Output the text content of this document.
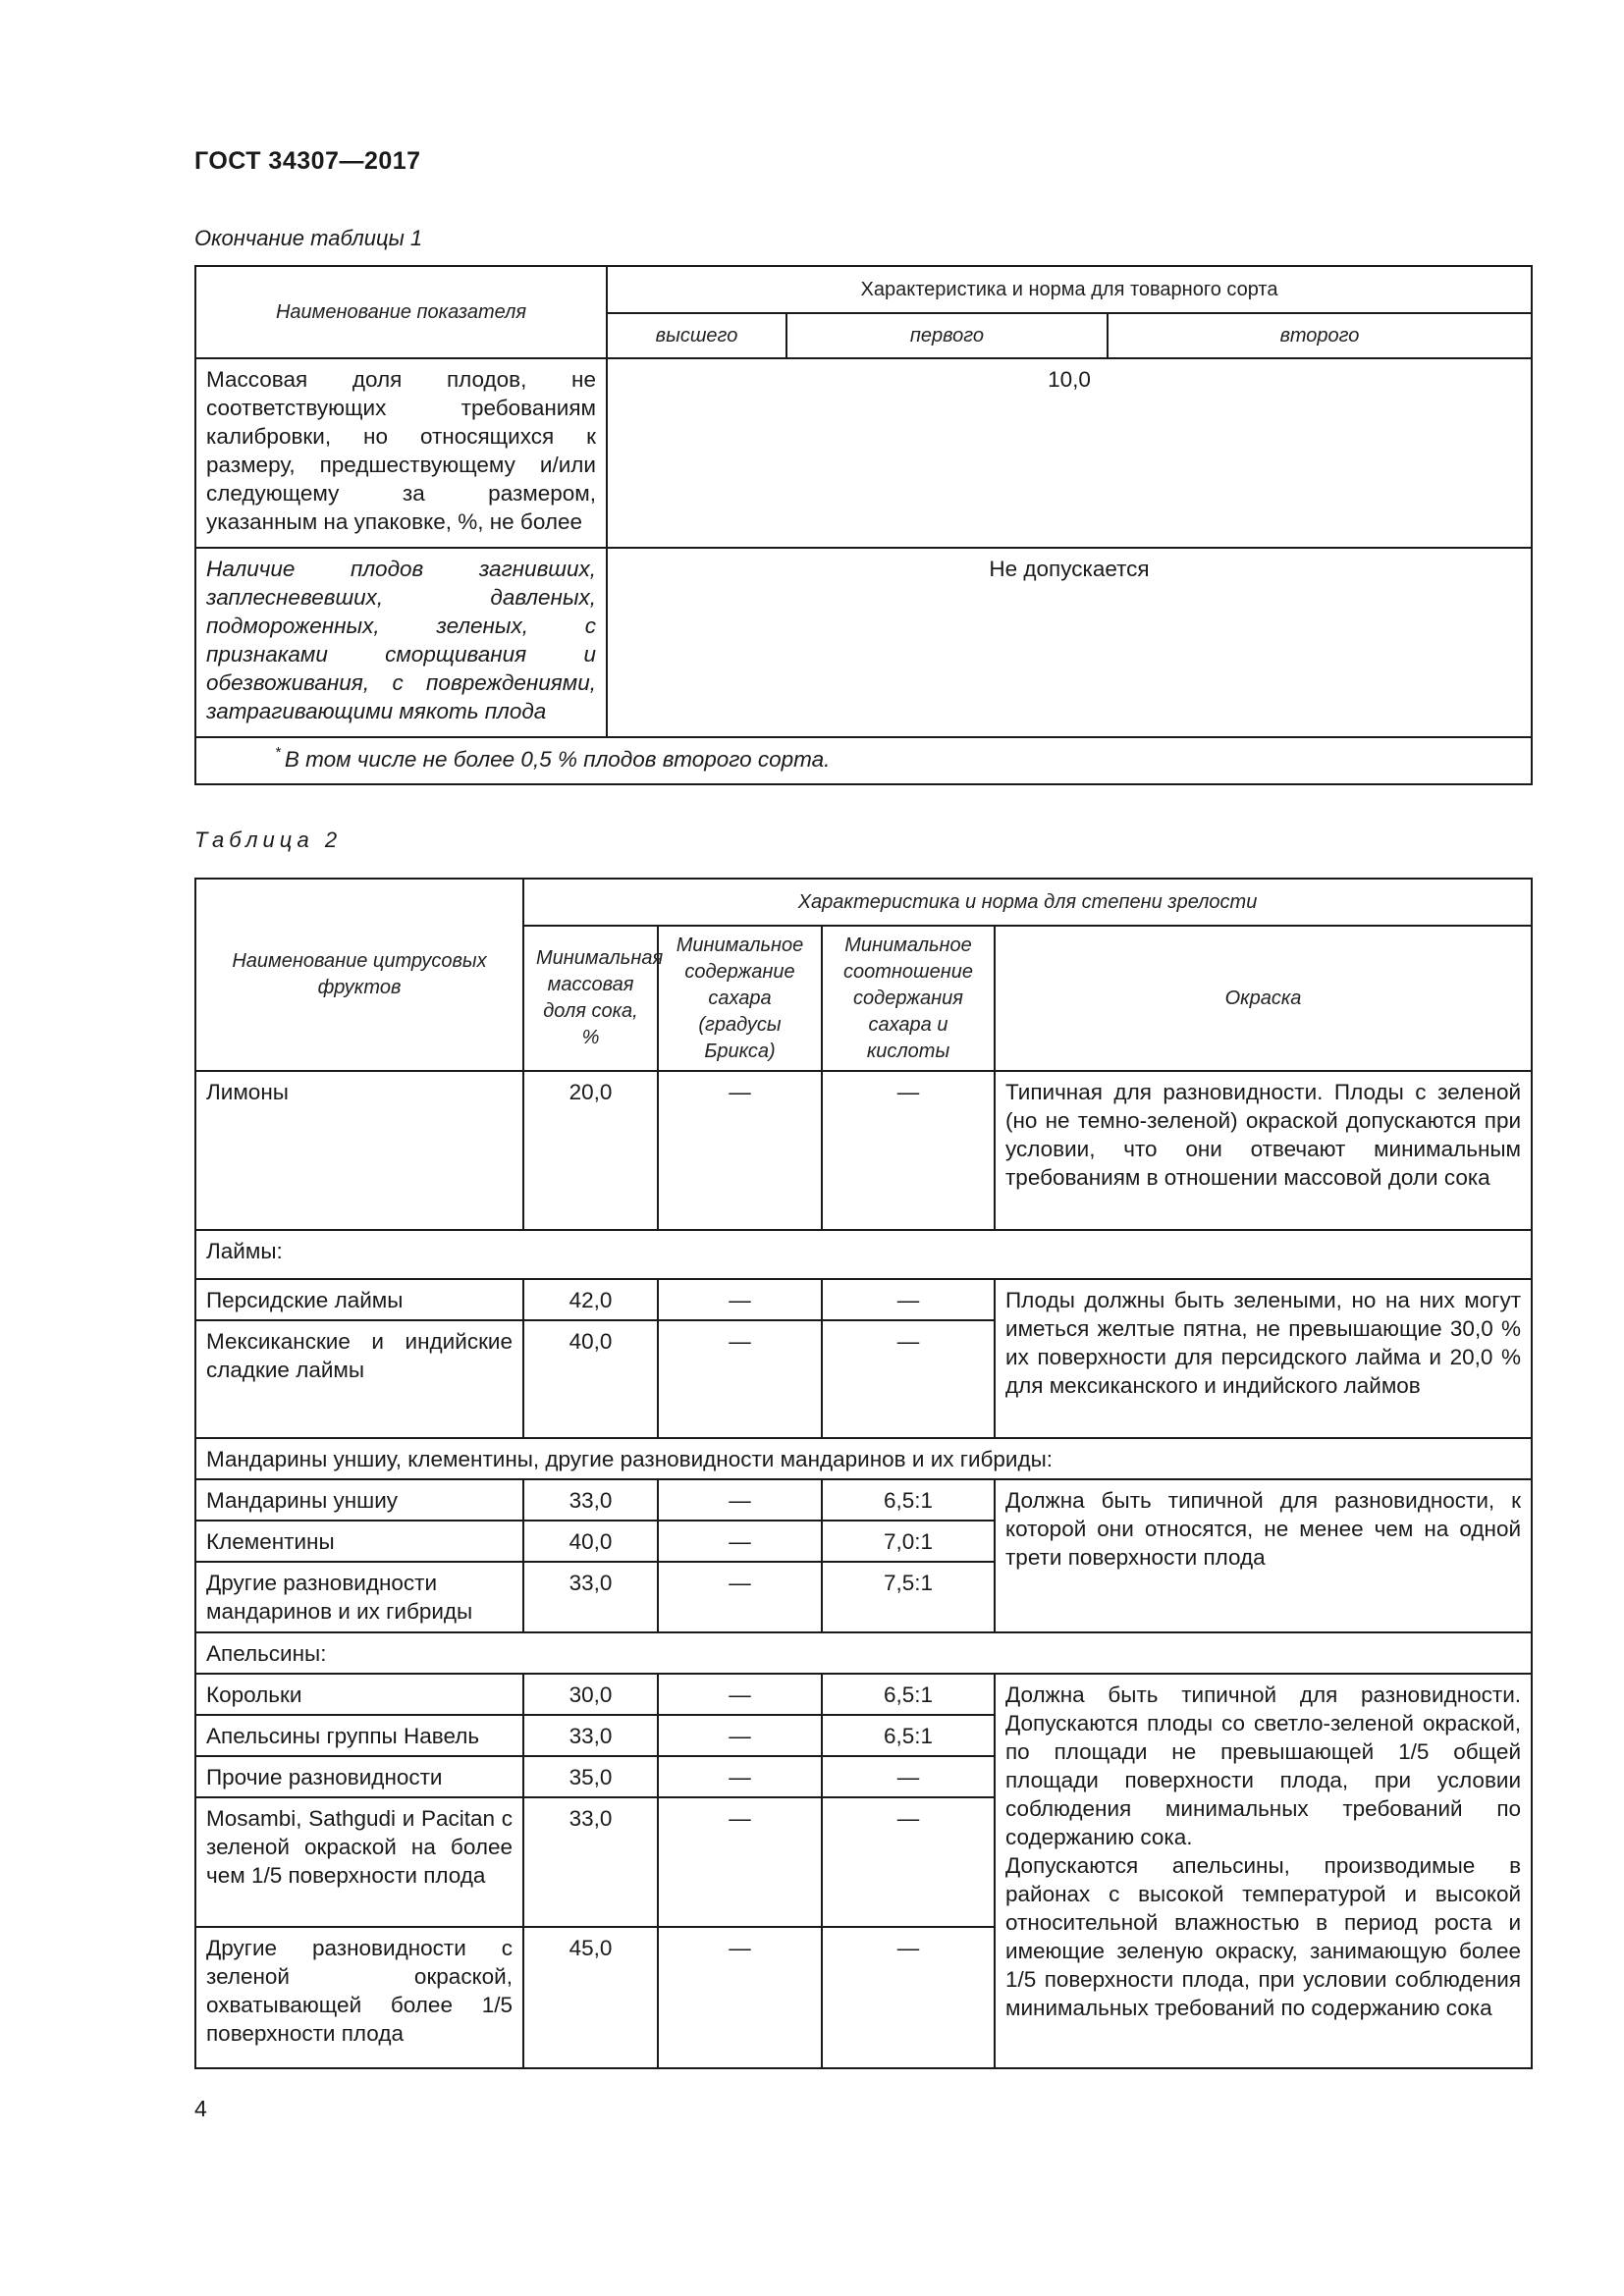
ГОСТ 34307—2017
Окончание таблицы 1
Наименование показателя	Характеристика и норма для товарного сорта		
	высшего	первого	второго
Массовая доля плодов, не соответствующих требованиям калибровки, но относящихся к размеру, предшествующему и/или следующему за размером, указанным на упаковке, %, не более	10,0		
Наличие плодов загнивших, заплесневевших, давленых, подмороженных, зеленых, с признаками сморщивания и обезвоживания, с повреждениями, затрагивающими мякоть плода	Не допускается		
* В том числе не более 0,5 % плодов второго сорта.			
Таблица 2
Наименование цитрусовых фруктов	Характеристика и норма для степени зрелости			
	Минимальная массовая доля сока, %	Минимальное содержание сахара (градусы Брикса)	Минимальное соотношение содержания сахара и кислоты	Окраска
Лимоны	20,0	—	—	Типичная для разновидности. Плоды с зеленой (но не темно-зеленой) окраской допускаются при условии, что они отвечают минимальным требованиям в отношении массовой доли сока
Лаймы:				
Персидские лаймы	42,0	—	—	Плоды должны быть зелеными, но на них могут иметься желтые пятна, не превышающие 30,0 % их поверхности для персидского лайма и 20,0 % для мексиканского и индийского лаймов
Мексиканские и индийские сладкие лаймы	40,0	—	—	
Мандарины уншиу, клементины, другие разновидности мандаринов и их гибриды:				
Мандарины уншиу	33,0	—	6,5:1	Должна быть типичной для разновидности, к которой они относятся, не менее чем на одной трети поверхности плода
Клементины	40,0	—	7,0:1	
Другие разновидности мандаринов и их гибриды	33,0	—	7,5:1	
Апельсины:				
Корольки	30,0	—	6,5:1	Должна быть типичной для разновидности. Допускаются плоды со светло-зеленой окраской, по площади не превышающей 1/5 общей площади поверхности плода, при условии соблюдения минимальных требований по содержанию сока.
Допускаются апельсины, производимые в районах с высокой температурой и высокой относительной влажностью в период роста и имеющие зеленую окраску, занимающую более 1/5 поверхности плода, при условии соблюдения минимальных требований по содержанию сока

Апельсины группы Навель	33,0	—	6,5:1	
Прочие разновидности	35,0	—	—	
Mosambi, Sathgudi и Pacitan с зеленой окраской на более чем 1/5 поверхности плода	33,0	—	—	
Другие разновидности с зеленой окраской, охватывающей более 1/5 поверхности плода	45,0	—	—	
4
